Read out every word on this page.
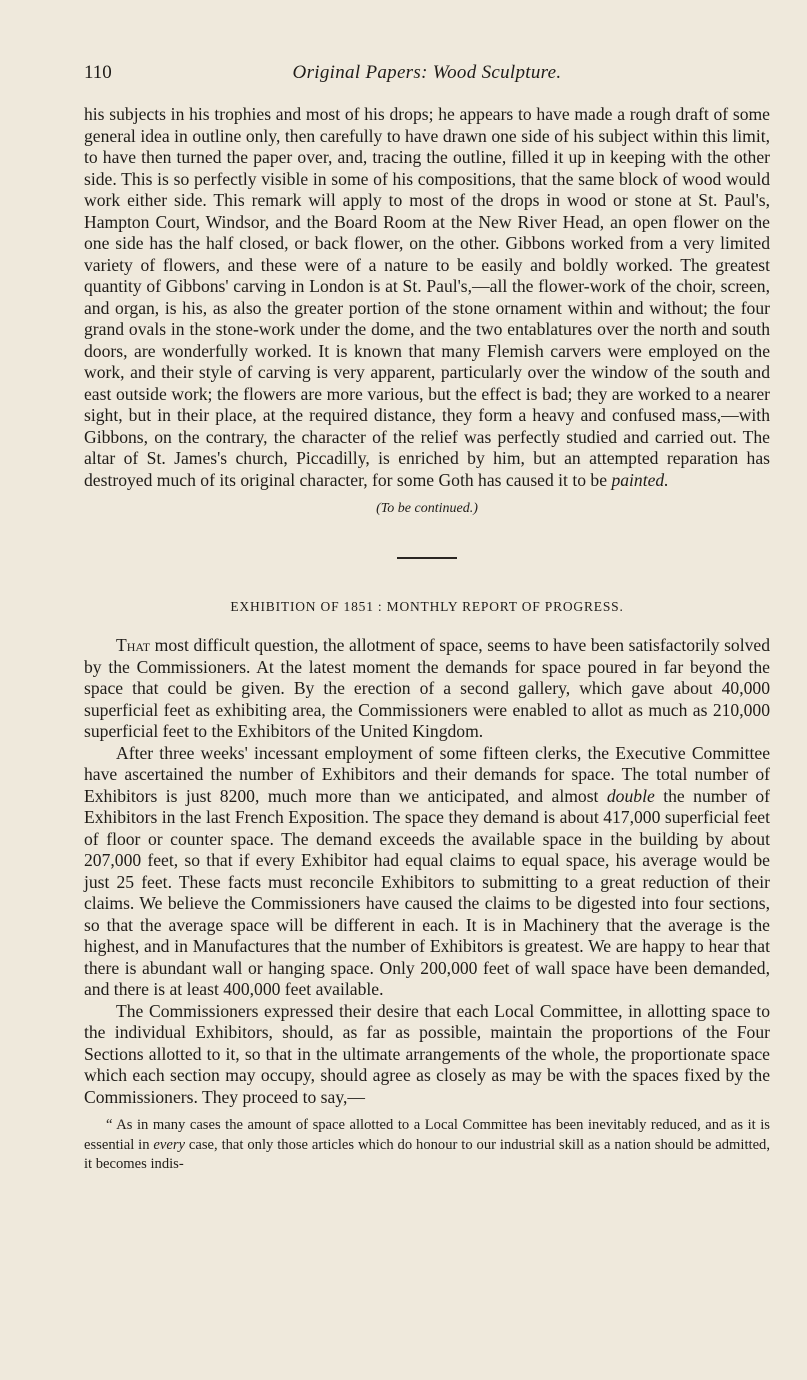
110	Original Papers: Wood Sculpture.

his subjects in his trophies and most of his drops; he appears to have made a rough draft of some general idea in outline only, then carefully to have drawn one side of his subject within this limit, to have then turned the paper over, and, tracing the outline, filled it up in keeping with the other side. This is so perfectly visible in some of his compositions, that the same block of wood would work either side. This remark will apply to most of the drops in wood or stone at St. Paul's, Hampton Court, Windsor, and the Board Room at the New River Head, an open flower on the one side has the half closed, or back flower, on the other. Gibbons worked from a very limited variety of flowers, and these were of a nature to be easily and boldly worked. The greatest quantity of Gibbons' carving in London is at St. Paul's,—all the flower-work of the choir, screen, and organ, is his, as also the greater portion of the stone ornament within and without; the four grand ovals in the stone-work under the dome, and the two entablatures over the north and south doors, are wonderfully worked. It is known that many Flemish carvers were employed on the work, and their style of carving is very apparent, particularly over the window of the south and east outside work; the flowers are more various, but the effect is bad; they are worked to a nearer sight, but in their place, at the required distance, they form a heavy and confused mass,—with Gibbons, on the contrary, the character of the relief was perfectly studied and carried out. The altar of St. James's church, Piccadilly, is enriched by him, but an attempted reparation has destroyed much of its original character, for some Goth has caused it to be painted.

(To be continued.)
EXHIBITION OF 1851 : MONTHLY REPORT OF PROGRESS.

That most difficult question, the allotment of space, seems to have been satisfactorily solved by the Commissioners. At the latest moment the demands for space poured in far beyond the space that could be given. By the erection of a second gallery, which gave about 40,000 superficial feet as exhibiting area, the Commissioners were enabled to allot as much as 210,000 superficial feet to the Exhibitors of the United Kingdom.

After three weeks' incessant employment of some fifteen clerks, the Executive Committee have ascertained the number of Exhibitors and their demands for space. The total number of Exhibitors is just 8200, much more than we anticipated, and almost double the number of Exhibitors in the last French Exposition. The space they demand is about 417,000 superficial feet of floor or counter space. The demand exceeds the available space in the building by about 207,000 feet, so that if every Exhibitor had equal claims to equal space, his average would be just 25 feet. These facts must reconcile Exhibitors to submitting to a great reduction of their claims. We believe the Commissioners have caused the claims to be digested into four sections, so that the average space will be different in each. It is in Machinery that the average is the highest, and in Manufactures that the number of Exhibitors is greatest. We are happy to hear that there is abundant wall or hanging space. Only 200,000 feet of wall space have been demanded, and there is at least 400,000 feet available.

The Commissioners expressed their desire that each Local Committee, in allotting space to the individual Exhibitors, should, as far as possible, maintain the proportions of the Four Sections allotted to it, so that in the ultimate arrangements of the whole, the proportionate space which each section may occupy, should agree as closely as may be with the spaces fixed by the Commissioners. They proceed to say,—

“ As in many cases the amount of space allotted to a Local Committee has been inevitably reduced, and as it is essential in every case, that only those articles which do honour to our industrial skill as a nation should be admitted, it becomes indis-
